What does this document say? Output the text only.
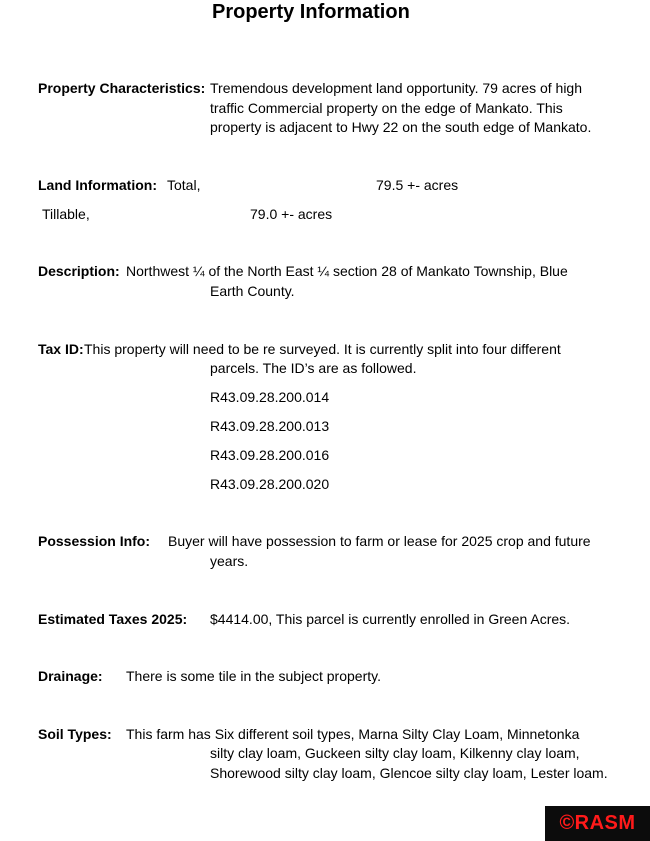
Property Information
Property Characteristics: Tremendous development land opportunity. 79 acres of high
traffic Commercial property on the edge of Mankato. This
property is adjacent to Hwy 22 on the south edge of Mankato.
Land Information: Total,	79.5 +- acres
Tillable,	79.0 +- acres
Description: Northwest ¼ of the North East ¼ section 28 of Mankato Township, Blue
Earth County.
Tax ID: This property will need to be re surveyed. It is currently split into four different
parcels. The ID’s are as followed.
R43.09.28.200.014
R43.09.28.200.013
R43.09.28.200.016
R43.09.28.200.020
Possession Info: Buyer will have possession to farm or lease for 2025 crop and future
years.
Estimated Taxes 2025: $4414.00, This parcel is currently enrolled in Green Acres.
Drainage: There is some tile in the subject property.
Soil Types: This farm has Six different soil types, Marna Silty Clay Loam, Minnetonka
silty clay loam, Guckeen silty clay loam, Kilkenny clay loam,
Shorewood silty clay loam, Glencoe silty clay loam, Lester loam.
©RASM
